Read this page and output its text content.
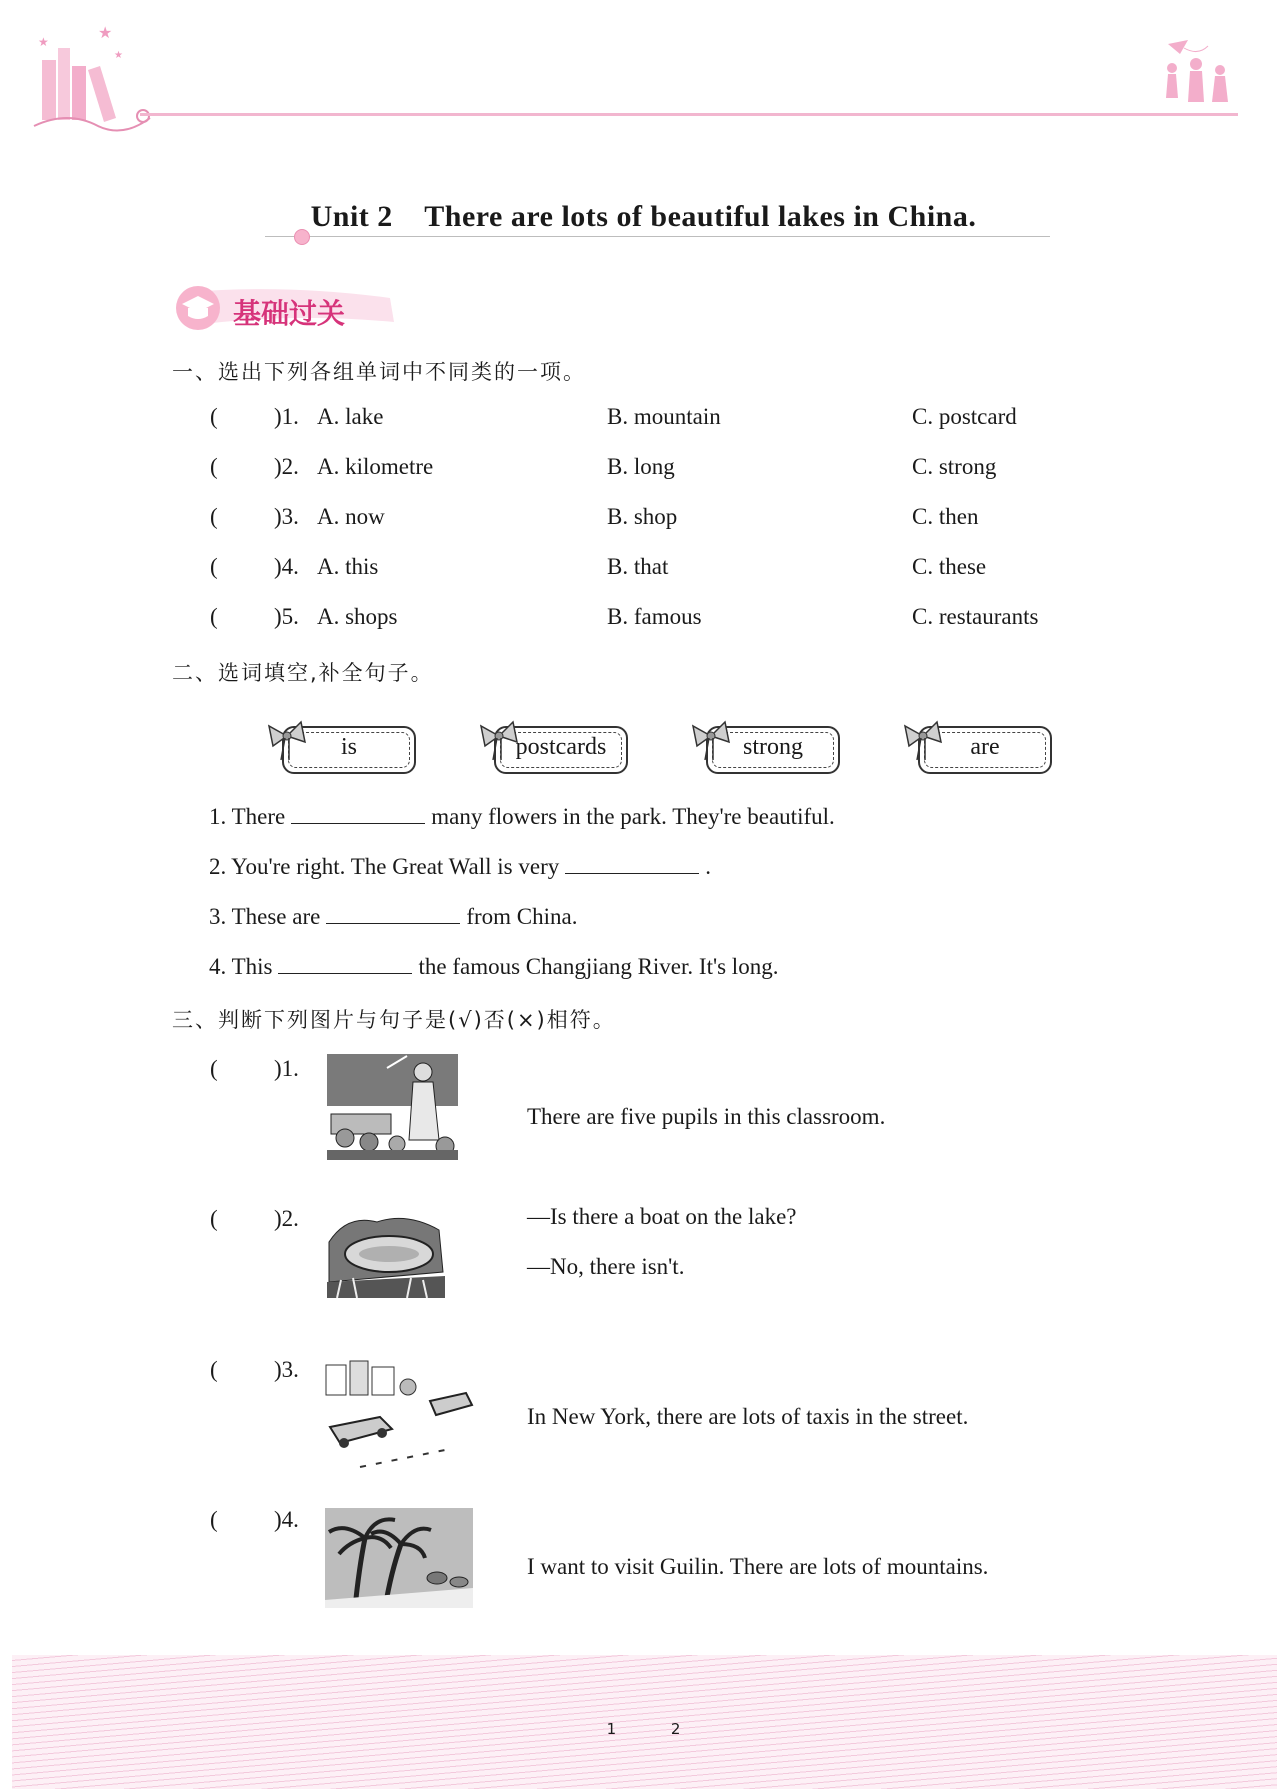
★
★
★
Unit 2    There are lots of beautiful lakes in China.
基础过关
一、选出下列各组单词中不同类的一项。
( )1. A. lake	B. mountain	C. postcard
( )2. A. kilometre	B. long	C. strong
( )3. A. now	B. shop	C. then
( )4. A. this	B. that	C. these
( )5. A. shops	B. famous	C. restaurants
二、选词填空,补全句子。
is	postcards	strong	are
1. There	many flowers in the park. They're beautiful.
2. You're right. The Great Wall is very	.
3. These are	from China.
4. This	the famous Changjiang River. It's long.
三、判断下列图片与句子是(√)否(×)相符。
( )1.
There are five pupils in this classroom.
( )2.	—Is there a boat on the lake?
—No, there isn't.
( )3.
In New York, there are lots of taxis in the street.
( )4.
I want to visit Guilin. There are lots of mountains.
1 2
